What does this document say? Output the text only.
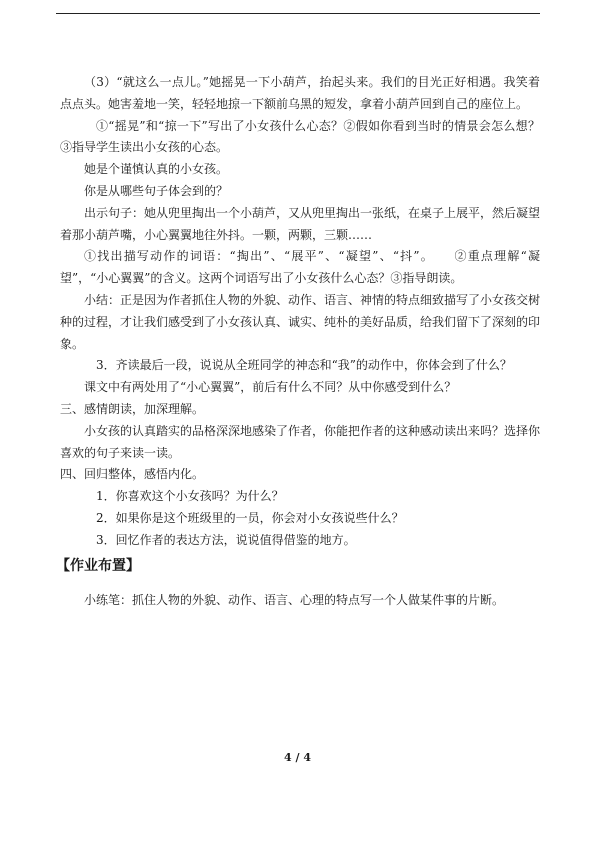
（3）“就这么一点儿。”她摇晃一下小葫芦，抬起头来。我们的目光正好相遇。我笑着点点头。她害羞地一笑，轻轻地掠一下额前乌黑的短发，拿着小葫芦回到自己的座位上。

①“摇晃”和“掠一下”写出了小女孩什么心态？②假如你看到当时的情景会怎么想？③指导学生读出小女孩的心态。

她是个谨慎认真的小女孩。

你是从哪些句子体会到的？

出示句子：她从兜里掏出一个小葫芦，又从兜里掏出一张纸，在桌子上展平，然后凝望着那小葫芦嘴，小心翼翼地往外抖。一颗，两颗，三颗……

①找出描写动作的词语：“掏出”、“展平”、“凝望”、“抖”。　　②重点理解“凝望”，“小心翼翼”的含义。这两个词语写出了小女孩什么心态？③指导朗读。

小结：正是因为作者抓住人物的外貌、动作、语言、神情的特点细致描写了小女孩交树种的过程，才让我们感受到了小女孩认真、诚实、纯朴的美好品质，给我们留下了深刻的印象。

3．齐读最后一段，说说从全班同学的神态和“我”的动作中，你体会到了什么？

课文中有两处用了“小心翼翼”，前后有什么不同？从中你感受到什么？

三、感情朗读，加深理解。

小女孩的认真踏实的品格深深地感染了作者，你能把作者的这种感动读出来吗？选择你喜欢的句子来读一读。

四、回归整体，感悟内化。

1．你喜欢这个小女孩吗？为什么？

2．如果你是这个班级里的一员，你会对小女孩说些什么？

3．回忆作者的表达方法，说说值得借鉴的地方。

【作业布置】

小练笔：抓住人物的外貌、动作、语言、心理的特点写一个人做某件事的片断。

4 / 4
